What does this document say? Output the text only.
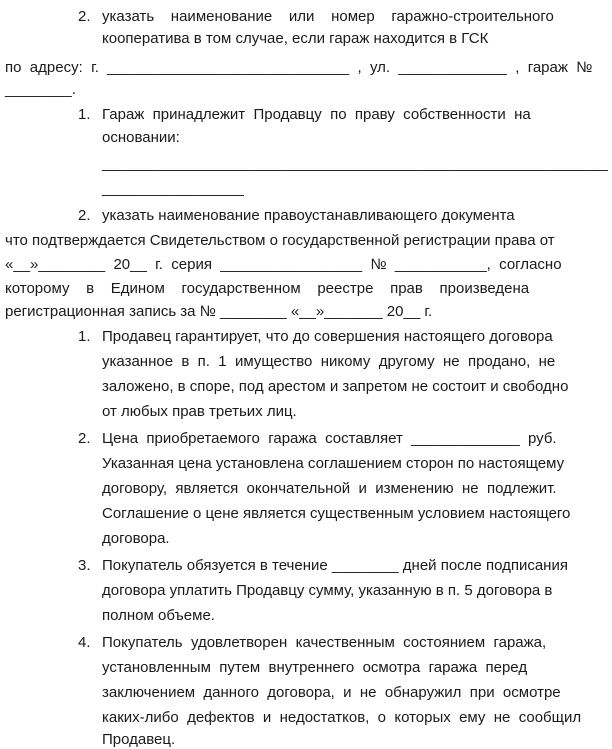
2. указать    наименование    или    номер    гаражно-строительного
кооператива в том случае, если гараж находится в ГСК
по  адресу:  г.  _____________________________  ,  ул.  _____________  ,  гараж  №
________.
1. Гараж  принадлежит  Продавцу  по  праву  собственности  на
основании:
________________________________________________________________
_________________
2. указать наименование правоустанавливающего документа
что подтверждается Свидетельством о государственной регистрации права от
«__»________  20__  г.  серия  _________________  №  ___________,  согласно
которому    в    Едином    государственном    реестре    прав    произведена
регистрационная запись за № ________ «__»_______ 20__ г.
1. Продавец гарантирует, что до совершения настоящего договора
указанное  в  п.  1  имущество  никому  другому  не  продано,  не
заложено, в споре, под арестом и запретом не состоит и свободно
от любых прав третьих лиц.
2. Цена  приобретаемого  гаража  составляет  _____________  руб.
Указанная цена установлена соглашением сторон по настоящему
договору,  является  окончательной  и  изменению  не  подлежит.
Соглашение о цене является существенным условием настоящего
договора.
3. Покупатель обязуется в течение ________ дней после подписания
договора уплатить Продавцу сумму, указанную в п. 5 договора в
полном объеме.
4. Покупатель  удовлетворен  качественным  состоянием  гаража,
установленным  путем  внутреннего  осмотра  гаража  перед
заключением  данного  договора,  и  не  обнаружил  при  осмотре
каких-либо  дефектов  и  недостатков,  о  которых  ему  не  сообщил
Продавец.
